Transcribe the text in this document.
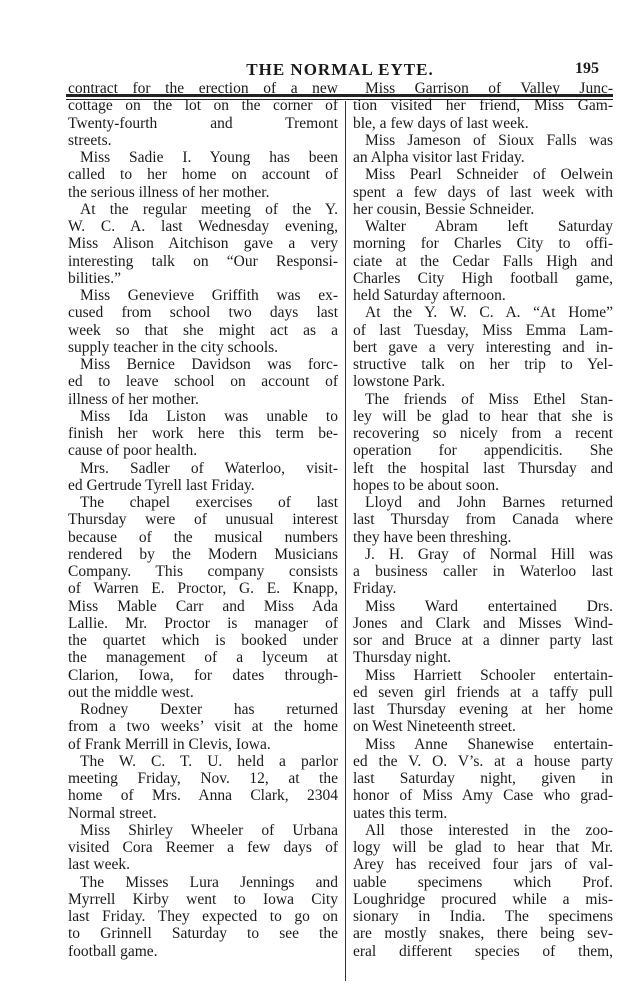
THE NORMAL EYTE.	195
contract for the erection of a new
cottage on the lot on the corner of
Twenty-fourth and Tremont
streets.
Miss Sadie I. Young has been
called to her home on account of
the serious illness of her mother.
At the regular meeting of the Y.
W. C. A. last Wednesday evening,
Miss Alison Aitchison gave a very
interesting talk on “Our Responsi-
bilities.”
Miss Genevieve Griffith was ex-
cused from school two days last
week so that she might act as a
supply teacher in the city schools.
Miss Bernice Davidson was forc-
ed to leave school on account of
illness of her mother.
Miss Ida Liston was unable to
finish her work here this term be-
cause of poor health.
Mrs. Sadler of Waterloo, visit-
ed Gertrude Tyrell last Friday.
The chapel exercises of last
Thursday were of unusual interest
because of the musical numbers
rendered by the Modern Musicians
Company. This company consists
of Warren E. Proctor, G. E. Knapp,
Miss Mable Carr and Miss Ada
Lallie. Mr. Proctor is manager of
the quartet which is booked under
the management of a lyceum at
Clarion, Iowa, for dates through-
out the middle west.
Rodney Dexter has returned
from a two weeks’ visit at the home
of Frank Merrill in Clevis, Iowa.
The W. C. T. U. held a parlor
meeting Friday, Nov. 12, at the
home of Mrs. Anna Clark, 2304
Normal street.
Miss Shirley Wheeler of Urbana
visited Cora Reemer a few days of
last week.
The Misses Lura Jennings and
Myrrell Kirby went to Iowa City
last Friday. They expected to go on
to Grinnell Saturday to see the
football game.
Miss Garrison of Valley Junc-
tion visited her friend, Miss Gam-
ble, a few days of last week.
Miss Jameson of Sioux Falls was
an Alpha visitor last Friday.
Miss Pearl Schneider of Oelwein
spent a few days of last week with
her cousin, Bessie Schneider.
Walter Abram left Saturday
morning for Charles City to offi-
ciate at the Cedar Falls High and
Charles City High football game,
held Saturday afternoon.
At the Y. W. C. A. “At Home”
of last Tuesday, Miss Emma Lam-
bert gave a very interesting and in-
structive talk on her trip to Yel-
lowstone Park.
The friends of Miss Ethel Stan-
ley will be glad to hear that she is
recovering so nicely from a recent
operation for appendicitis. She
left the hospital last Thursday and
hopes to be about soon.
Lloyd and John Barnes returned
last Thursday from Canada where
they have been threshing.
J. H. Gray of Normal Hill was
a business caller in Waterloo last
Friday.
Miss Ward entertained Drs.
Jones and Clark and Misses Wind-
sor and Bruce at a dinner party last
Thursday night.
Miss Harriett Schooler entertain-
ed seven girl friends at a taffy pull
last Thursday evening at her home
on West Nineteenth street.
Miss Anne Shanewise entertain-
ed the V. O. V’s. at a house party
last Saturday night, given in
honor of Miss Amy Case who grad-
uates this term.
All those interested in the zoo-
logy will be glad to hear that Mr.
Arey has received four jars of val-
uable specimens which Prof.
Loughridge procured while a mis-
sionary in India. The specimens
are mostly snakes, there being sev-
eral different species of them,
